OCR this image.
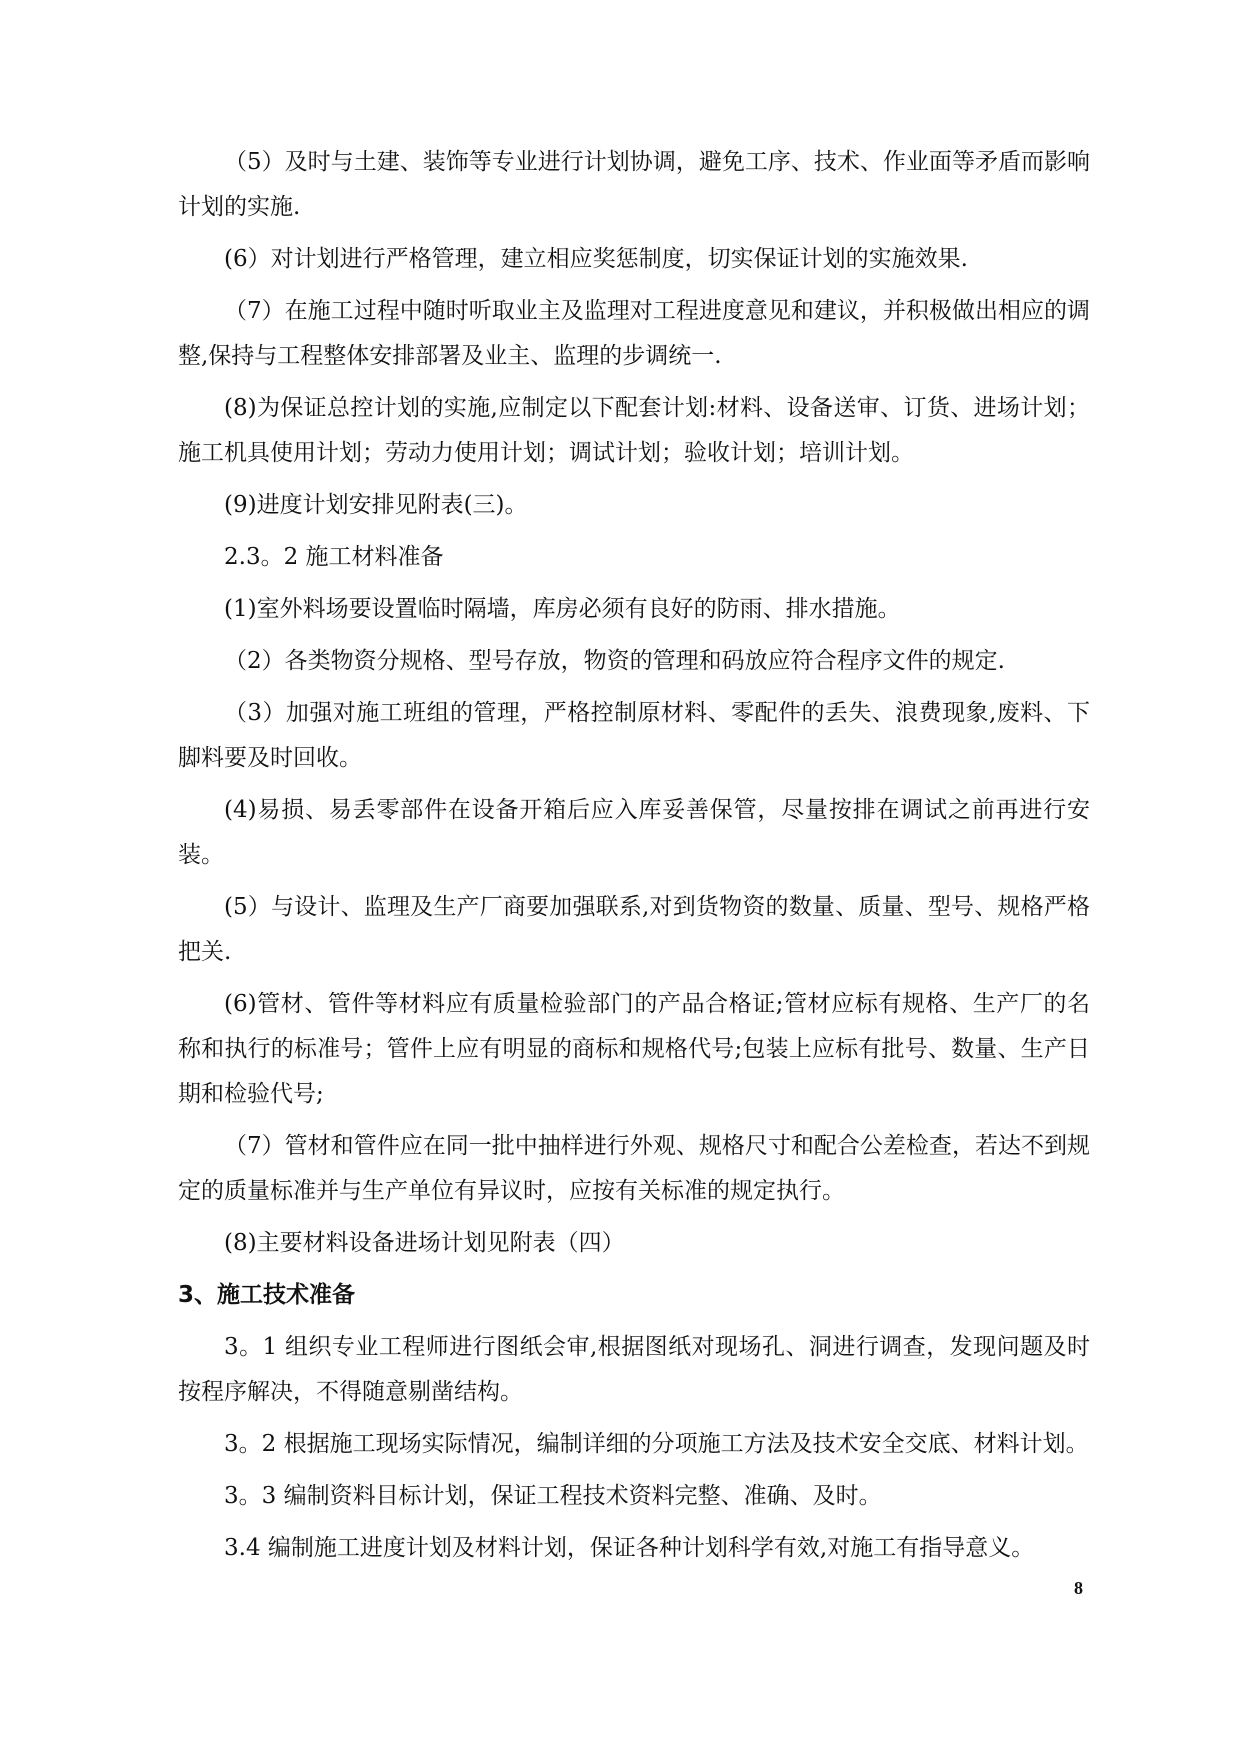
（5）及时与土建、装饰等专业进行计划协调，避免工序、技术、作业面等矛盾而影响计划的实施.

(6）对计划进行严格管理，建立相应奖惩制度，切实保证计划的实施效果.

（7）在施工过程中随时听取业主及监理对工程进度意见和建议，并积极做出相应的调整,保持与工程整体安排部署及业主、监理的步调统一.

(8)为保证总控计划的实施,应制定以下配套计划:材料、设备送审、订货、进场计划；施工机具使用计划；劳动力使用计划；调试计划；验收计划；培训计划。

(9)进度计划安排见附表(三)。

2.3。2 施工材料准备

(1)室外料场要设置临时隔墙，库房必须有良好的防雨、排水措施。

（2）各类物资分规格、型号存放，物资的管理和码放应符合程序文件的规定.

（3）加强对施工班组的管理，严格控制原材料、零配件的丢失、浪费现象,废料、下脚料要及时回收。

(4)易损、易丢零部件在设备开箱后应入库妥善保管，尽量按排在调试之前再进行安装。

(5）与设计、监理及生产厂商要加强联系,对到货物资的数量、质量、型号、规格严格把关.

(6)管材、管件等材料应有质量检验部门的产品合格证;管材应标有规格、生产厂的名称和执行的标准号；管件上应有明显的商标和规格代号;包装上应标有批号、数量、生产日期和检验代号;

（7）管材和管件应在同一批中抽样进行外观、规格尺寸和配合公差检查，若达不到规定的质量标准并与生产单位有异议时，应按有关标准的规定执行。

(8)主要材料设备进场计划见附表（四）

3、施工技术准备

3。1 组织专业工程师进行图纸会审,根据图纸对现场孔、洞进行调查，发现问题及时按程序解决，不得随意剔凿结构。

3。2 根据施工现场实际情况，编制详细的分项施工方法及技术安全交底、材料计划。

3。3 编制资料目标计划，保证工程技术资料完整、准确、及时。

3.4 编制施工进度计划及材料计划，保证各种计划科学有效,对施工有指导意义。

8
